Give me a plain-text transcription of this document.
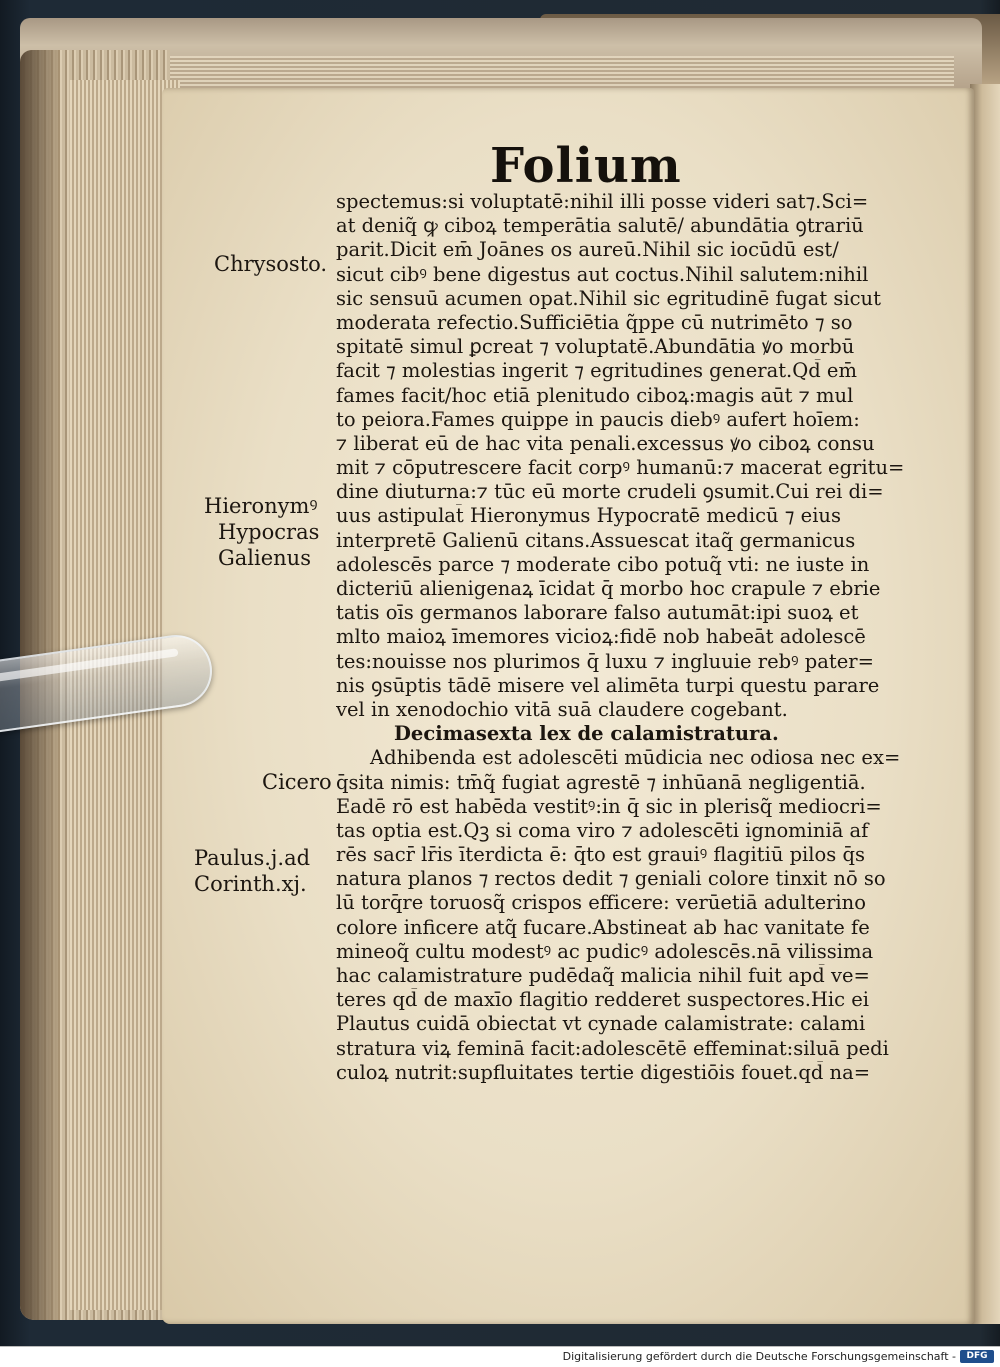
Folium
spectemus:si voluptatē:nihil illi posse videri sat⁊.Sci=
at deniq̃ ꝙ ciboꝝ temperātia salutē/ abundātia ꝯtrariū
parit.Dicit em̄ Joānes os aureū.Nihil sic iocūdū est/
sicut cibꝰ bene digestus aut coctus.Nihil salutem:nihil
sic sensuū acumen opat.Nihil sic egritudinē fugat sicut
moderata refectio.Sufficiētia q̃ppe cū nutrimēto ⁊ so
spitatē simul ꝑcreat ⁊ voluptatē.Abundātia ꝟo morbū
facit ⁊ molestias ingerit ⁊ egritudines generat.Qd̄ em̄
fames facit/hoc etiā plenitudo ciboꝝ:magis aūt ⁊ mul
to peiora.Fames quippe in paucis diebꝰ aufert hoīem:
⁊ liberat eū de hac vita penali.excessus ꝟo ciboꝝ consu
mit ⁊ cōputrescere facit corpꝰ humanū:⁊ macerat egritu=
dine diuturna:⁊ tūc eū morte crudeli ꝯsumit.Cui rei di=
uus astipulat̄ Hieronymus Hypocratē medicū ⁊ eius
interpretē Galienū citans.Assuescat itaq̃ germanicus
adolescēs parce ⁊ moderate cibo potuq̃ vti: ne iuste in
dicteriū alienigenaꝝ īcidat q̄ morbo hoc crapule ⁊ ebrie
tatis oīs germanos laborare falso autumāt:ipi suoꝝ et
mlto maioꝝ īmemores vicioꝝ:fidē nob habeāt adolescē
tes:nouisse nos plurimos q̄ luxu ⁊ ingluuie rebꝰ pater=
nis ꝯsūptis tādē misere vel alimēta turpi questu parare
vel in xenodochio vitā suā claudere cogebant.
Decimasexta lex de calamistratura.
Adhibenda est adolescēti mūdicia nec odiosa nec ex=
q̄sita nimis: tm̄q̃ fugiat agrestē ⁊ inhūanā negligentiā.
Eadē rō est habēda vestitꝰ:in q̄ sic in plerisq̃ mediocri=
tas optia est.Qꝫ si coma viro ⁊ adolescēti ignominiā af
rēs sacr̄ lr̄is īterdicta ē: q̄to est grauiꝰ flagitiū pilos q̄s
natura planos ⁊ rectos dedit ⁊ geniali colore tinxit nō so
lū torq̄re toruosq̃ crispos efficere: verūetiā adulterino
colore inficere atq̃ fucare.Abstineat ab hac vanitate fe
mineoq̃ cultu modestꝰ ac pudicꝰ adolescēs.nā vilissima
hac calamistrature pudēdaq̃ malicia nihil fuit apd̄ ve=
teres qd̄ de maxīo flagitio redderet suspectores.Hic ei
Plautus cuidā obiectat vt cynade calamistrate: calami
stratura viꝝ feminā facit:adolescētē effeminat:siluā pedi
culoꝝ nutrit:supfluitates tertie digestiōis fouet.qd̄ na=
Chrysosto.
Hieronymꝰ
Hypocras
Galienus
Cicero
Paulus.j.ad
Corinth.xj.
Digitalisierung gefördert durch die Deutsche Forschungsgemeinschaft -	DFG
